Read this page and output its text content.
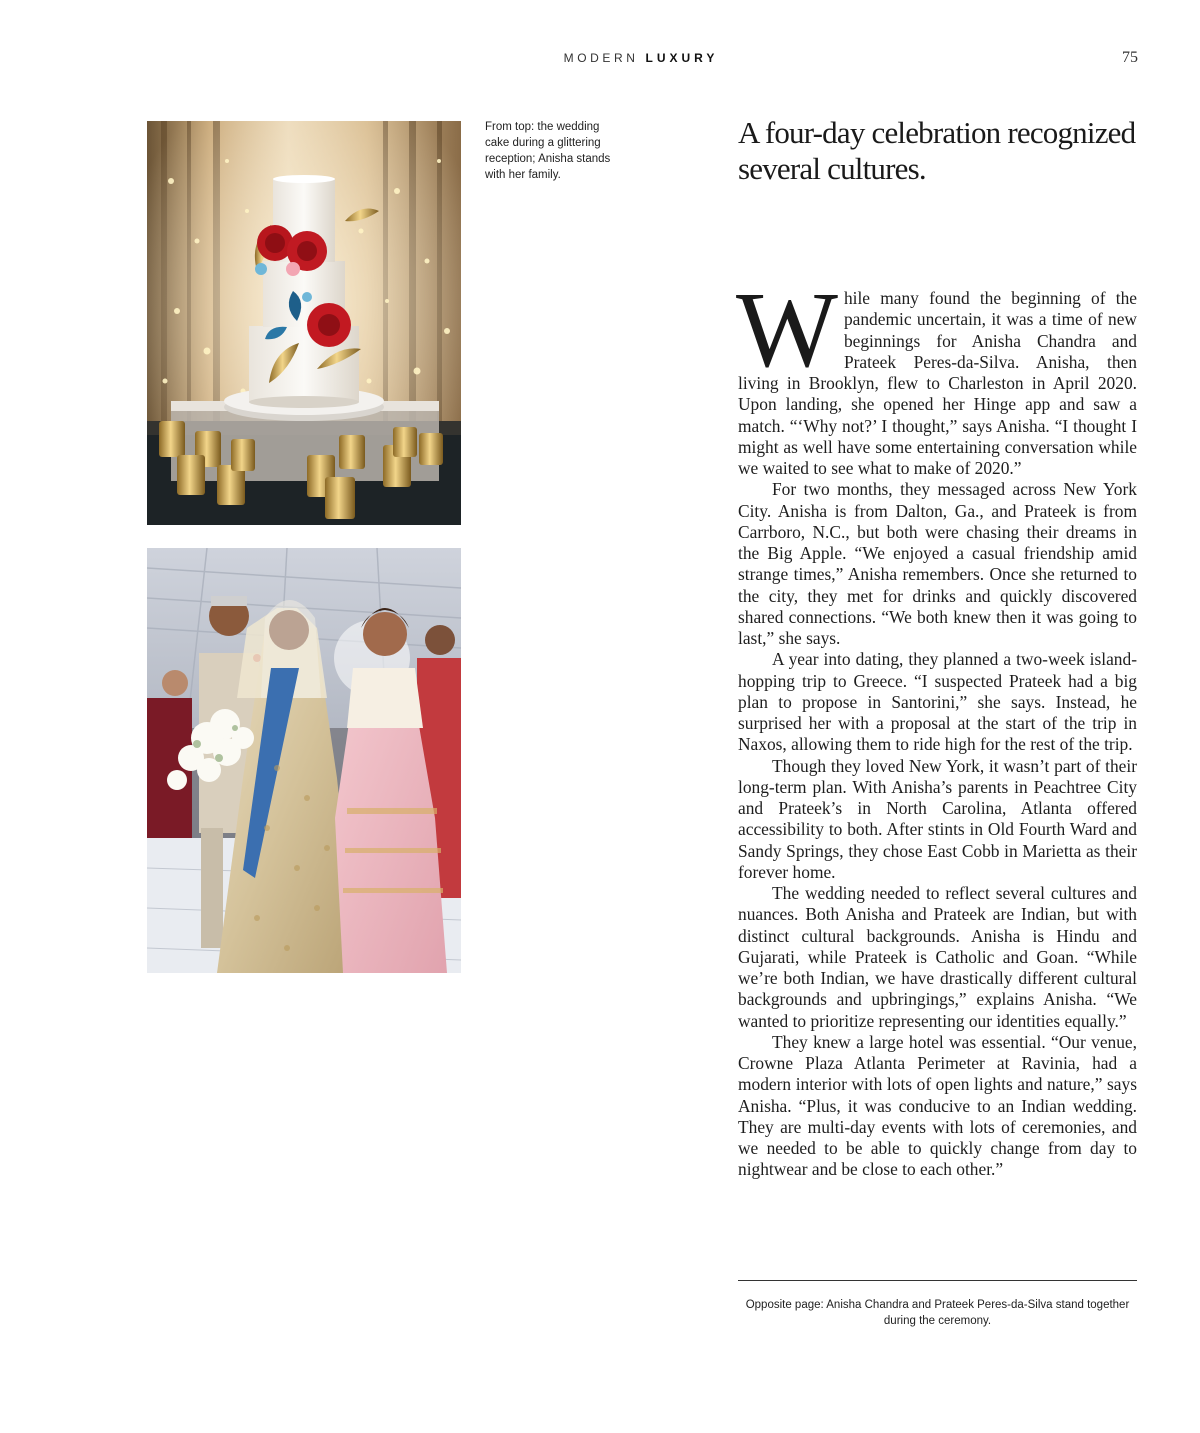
MODERN LUXURY	75
From top: the wedding cake during a glittering reception; Anisha stands with her family.
A four-day celebration recognized several cultures.

While many found the beginning of the pandemic uncertain, it was a time of new beginnings for Anisha Chandra and Prateek Peres-da-Silva. Anisha, then living in Brooklyn, flew to Charleston in April 2020. Upon landing, she opened her Hinge app and saw a match. “‘Why not?’ I thought,” says Anisha. “I thought I might as well have some entertaining conversation while we waited to see what to make of 2020.”

For two months, they messaged across New York City. Anisha is from Dalton, Ga., and Prateek is from Carrboro, N.C., but both were chasing their dreams in the Big Apple. “We enjoyed a casual friendship amid strange times,” Anisha remembers. Once she returned to the city, they met for drinks and quickly discovered shared connections. “We both knew then it was going to last,” she says.

A year into dating, they planned a two-week island-hopping trip to Greece. “I suspected Prateek had a big plan to propose in Santorini,” she says. Instead, he surprised her with a proposal at the start of the trip in Naxos, allowing them to ride high for the rest of the trip.

Though they loved New York, it wasn’t part of their long-term plan. With Anisha’s parents in Peachtree City and Prateek’s in North Carolina, Atlanta offered accessibility to both. After stints in Old Fourth Ward and Sandy Springs, they chose East Cobb in Marietta as their forever home.

The wedding needed to reflect several cultures and nuances. Both Anisha and Prateek are Indian, but with distinct cultural backgrounds. Anisha is Hindu and Gujarati, while Prateek is Catholic and Goan. “While we’re both Indian, we have drastically different cultural backgrounds and upbringings,” explains Anisha. “We wanted to prioritize representing our identities equally.”

They knew a large hotel was essential. “Our venue, Crowne Plaza Atlanta Perimeter at Ravinia, had a modern interior with lots of open lights and nature,” says Anisha. “Plus, it was conducive to an Indian wedding. They are multi-day events with lots of ceremonies, and we needed to be able to quickly change from day to nightwear and be close to each other.”

Opposite page: Anisha Chandra and Prateek Peres-da-Silva stand together during the ceremony.
